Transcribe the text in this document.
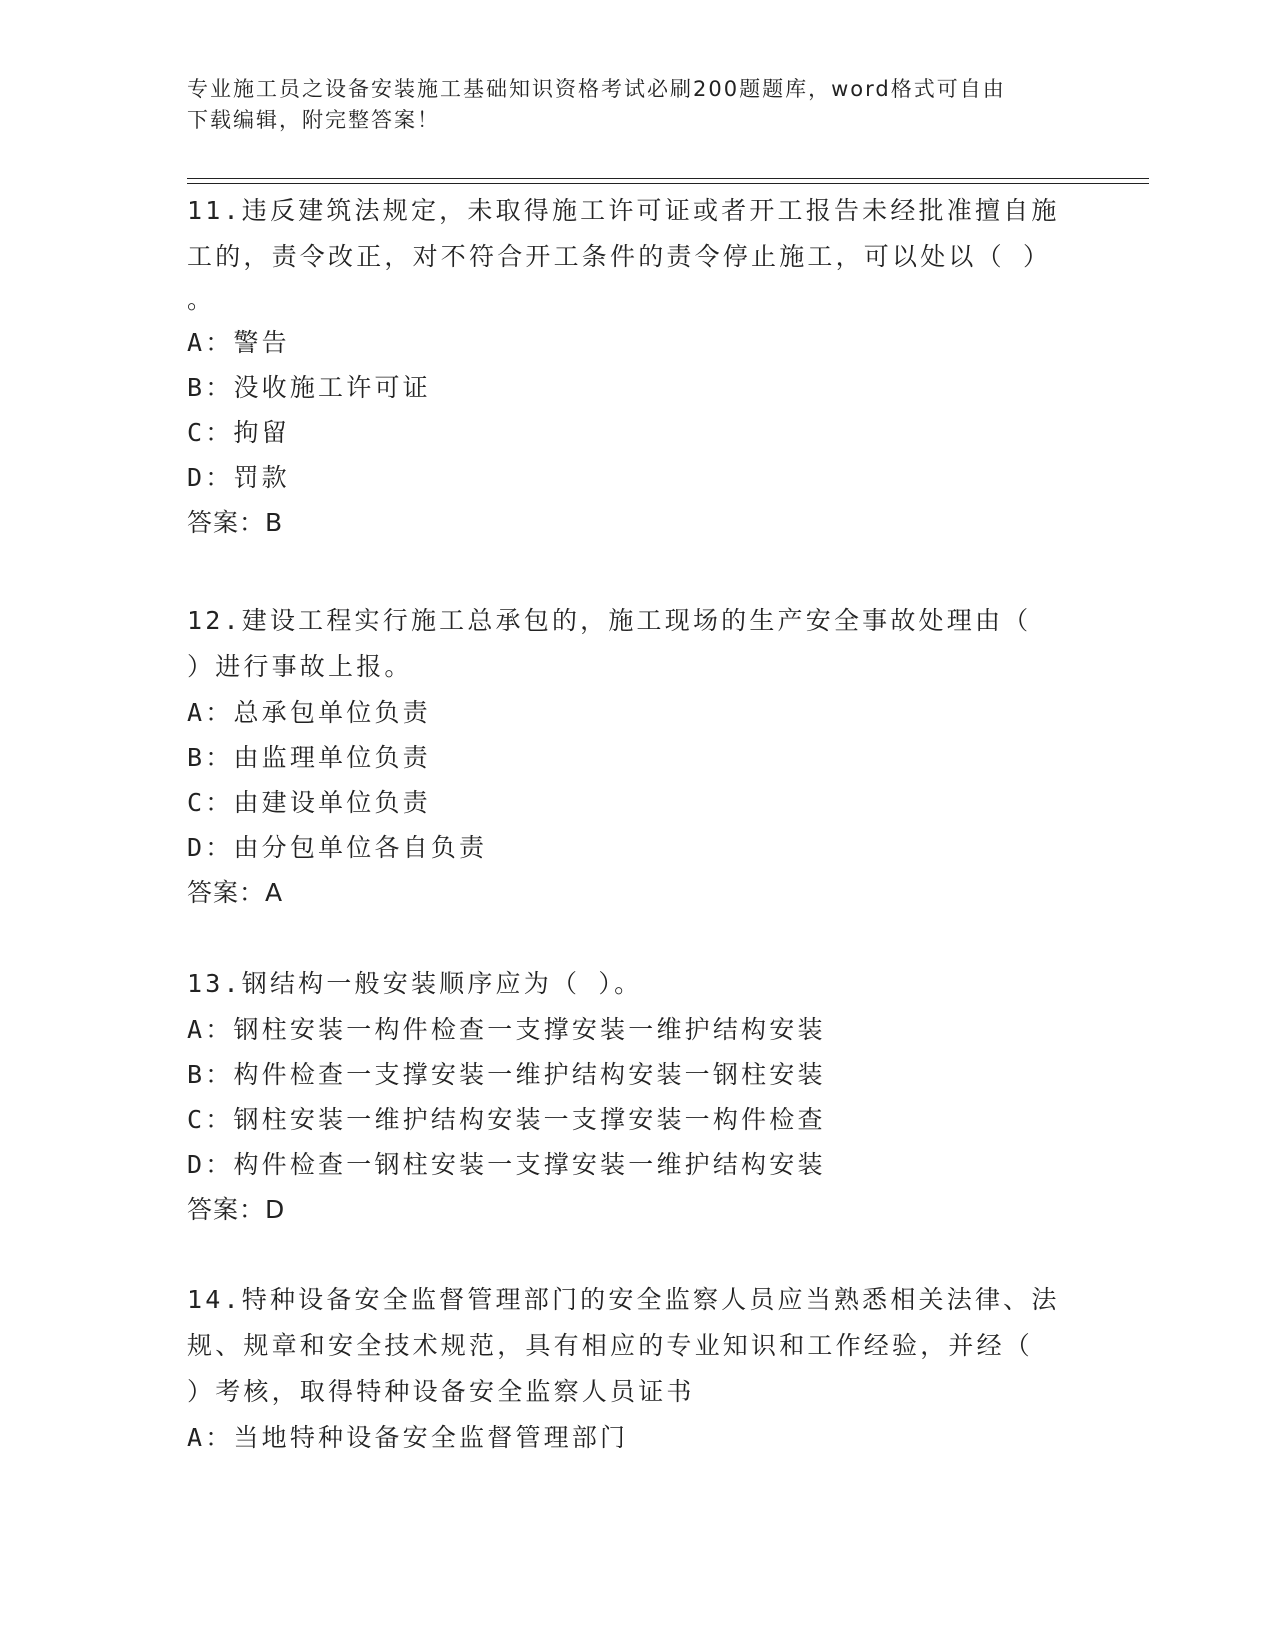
专业施工员之设备安装施工基础知识资格考试必刷200题题库，word格式可自由
下载编辑，附完整答案！

11.违反建筑法规定，未取得施工许可证或者开工报告未经批准擅自施

工的，责令改正，对不符合开工条件的责令停止施工，可以处以（ ）

。

A：警告

B：没收施工许可证

C：拘留

D：罚款

答案：B

12.建设工程实行施工总承包的，施工现场的生产安全事故处理由（

）进行事故上报。

A：总承包单位负责

B：由监理单位负责

C：由建设单位负责

D：由分包单位各自负责

答案：A

13.钢结构一般安装顺序应为（ ）。

A：钢柱安装一构件检查一支撑安装一维护结构安装

B：构件检查一支撑安装一维护结构安装一钢柱安装

C：钢柱安装一维护结构安装一支撑安装一构件检查

D：构件检查一钢柱安装一支撑安装一维护结构安装

答案：D

14.特种设备安全监督管理部门的安全监察人员应当熟悉相关法律、法

规、规章和安全技术规范，具有相应的专业知识和工作经验，并经（

）考核，取得特种设备安全监察人员证书

A：当地特种设备安全监督管理部门
